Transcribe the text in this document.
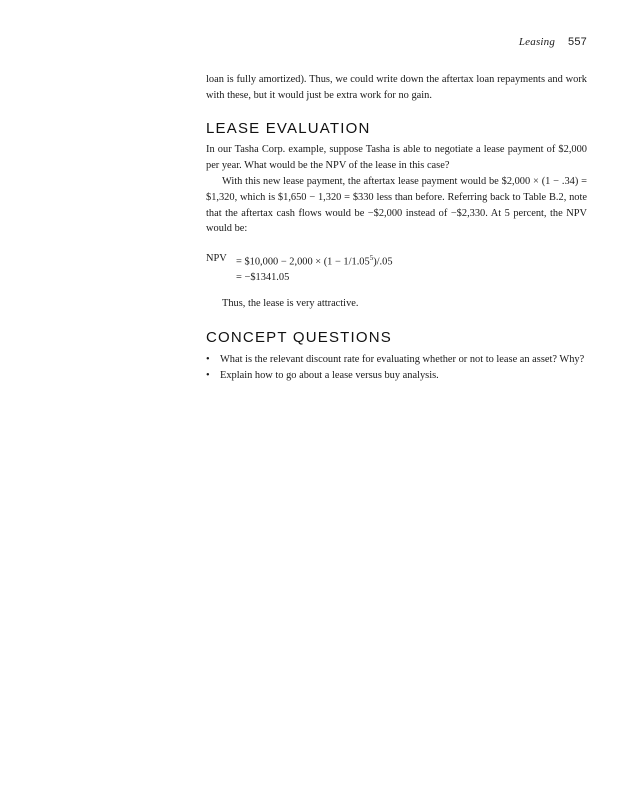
Leasing 557

loan is fully amortized). Thus, we could write down the aftertax loan repayments and work with these, but it would just be extra work for no gain.

LEASE EVALUATION

In our Tasha Corp. example, suppose Tasha is able to negotiate a lease payment of $2,000 per year. What would be the NPV of the lease in this case?

With this new lease payment, the aftertax lease payment would be $2,000 × (1 − .34) = $1,320, which is $1,650 − 1,320 = $330 less than before. Referring back to Table B.2, note that the aftertax cash flows would be −$2,000 instead of −$2,330. At 5 percent, the NPV would be:

NPV = $10,000 − $2,000 \times (1 - 1/1.05^5)/.05$
= −$1341.05

Thus, the lease is very attractive.

CONCEPT QUESTIONS
• What is the relevant discount rate for evaluating whether or not to lease an asset? Why?
• Explain how to go about a lease versus buy analysis.
